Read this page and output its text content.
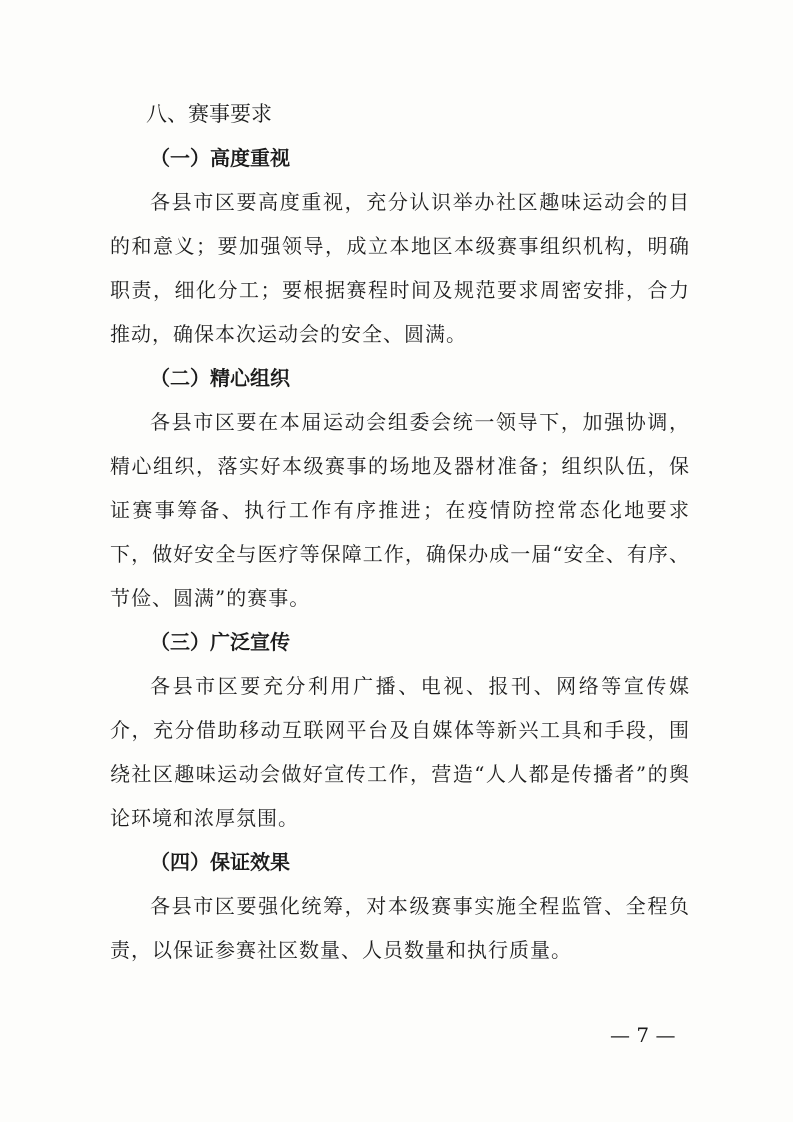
八、赛事要求
（一）高度重视

各县市区要高度重视，充分认识举办社区趣味运动会的目的和意义；要加强领导，成立本地区本级赛事组织机构，明确职责，细化分工；要根据赛程时间及规范要求周密安排，合力推动，确保本次运动会的安全、圆满。

（二）精心组织

各县市区要在本届运动会组委会统一领导下，加强协调，精心组织，落实好本级赛事的场地及器材准备；组织队伍，保证赛事筹备、执行工作有序推进；在疫情防控常态化地要求下，做好安全与医疗等保障工作，确保办成一届“安全、有序、节俭、圆满”的赛事。

（三）广泛宣传

各县市区要充分利用广播、电视、报刊、网络等宣传媒介，充分借助移动互联网平台及自媒体等新兴工具和手段，围绕社区趣味运动会做好宣传工作，营造“人人都是传播者”的舆论环境和浓厚氛围。

（四）保证效果

各县市区要强化统筹，对本级赛事实施全程监管、全程负责，以保证参赛社区数量、人员数量和执行质量。

— 7 —
